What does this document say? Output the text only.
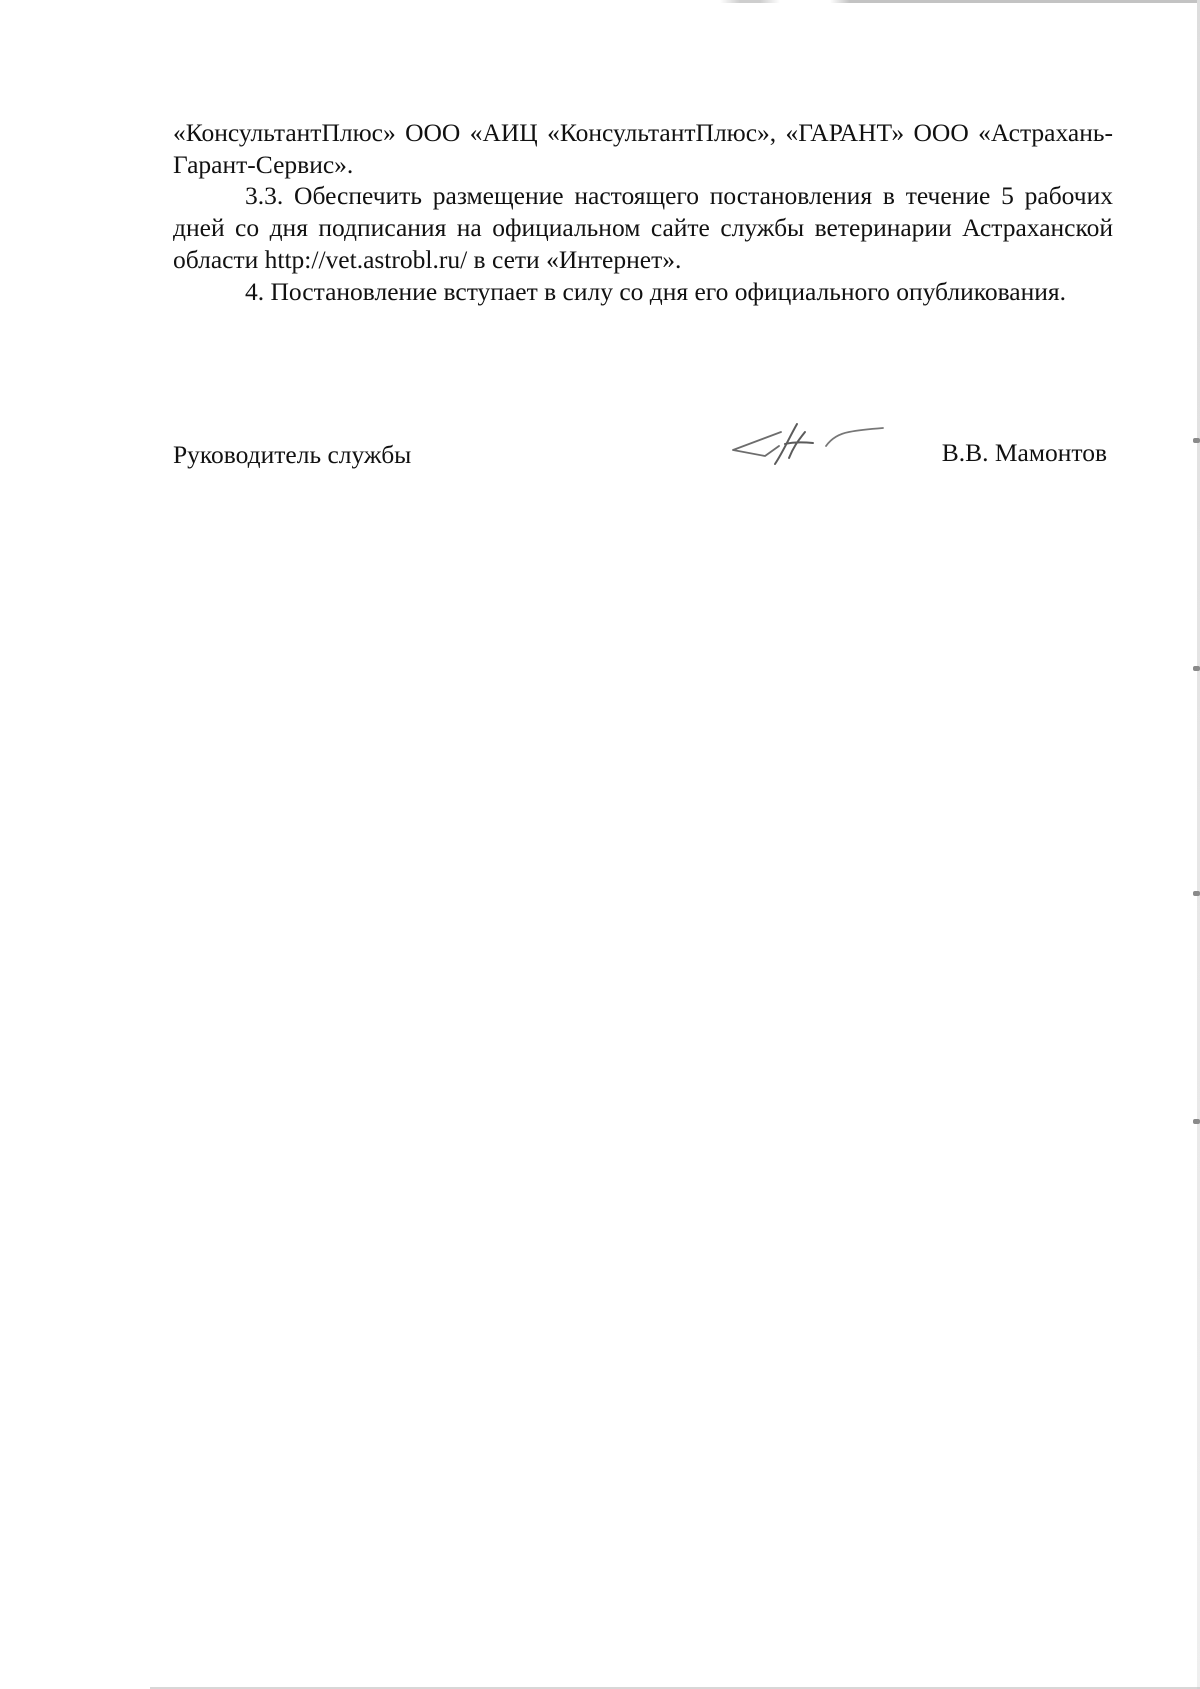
«КонсультантПлюс» ООО «АИЦ «КонсультантПлюс», «ГАРАНТ» ООО «Астрахань-Гарант-Сервис».

3.3. Обеспечить размещение настоящего постановления в течение 5 рабочих дней со дня подписания на официальном сайте службы ветеринарии Астраханской области http://vet.astrobl.ru/ в сети «Интернет».

4. Постановление вступает в силу со дня его официального опубликования.

Руководитель службы	В.В. Мамонтов
